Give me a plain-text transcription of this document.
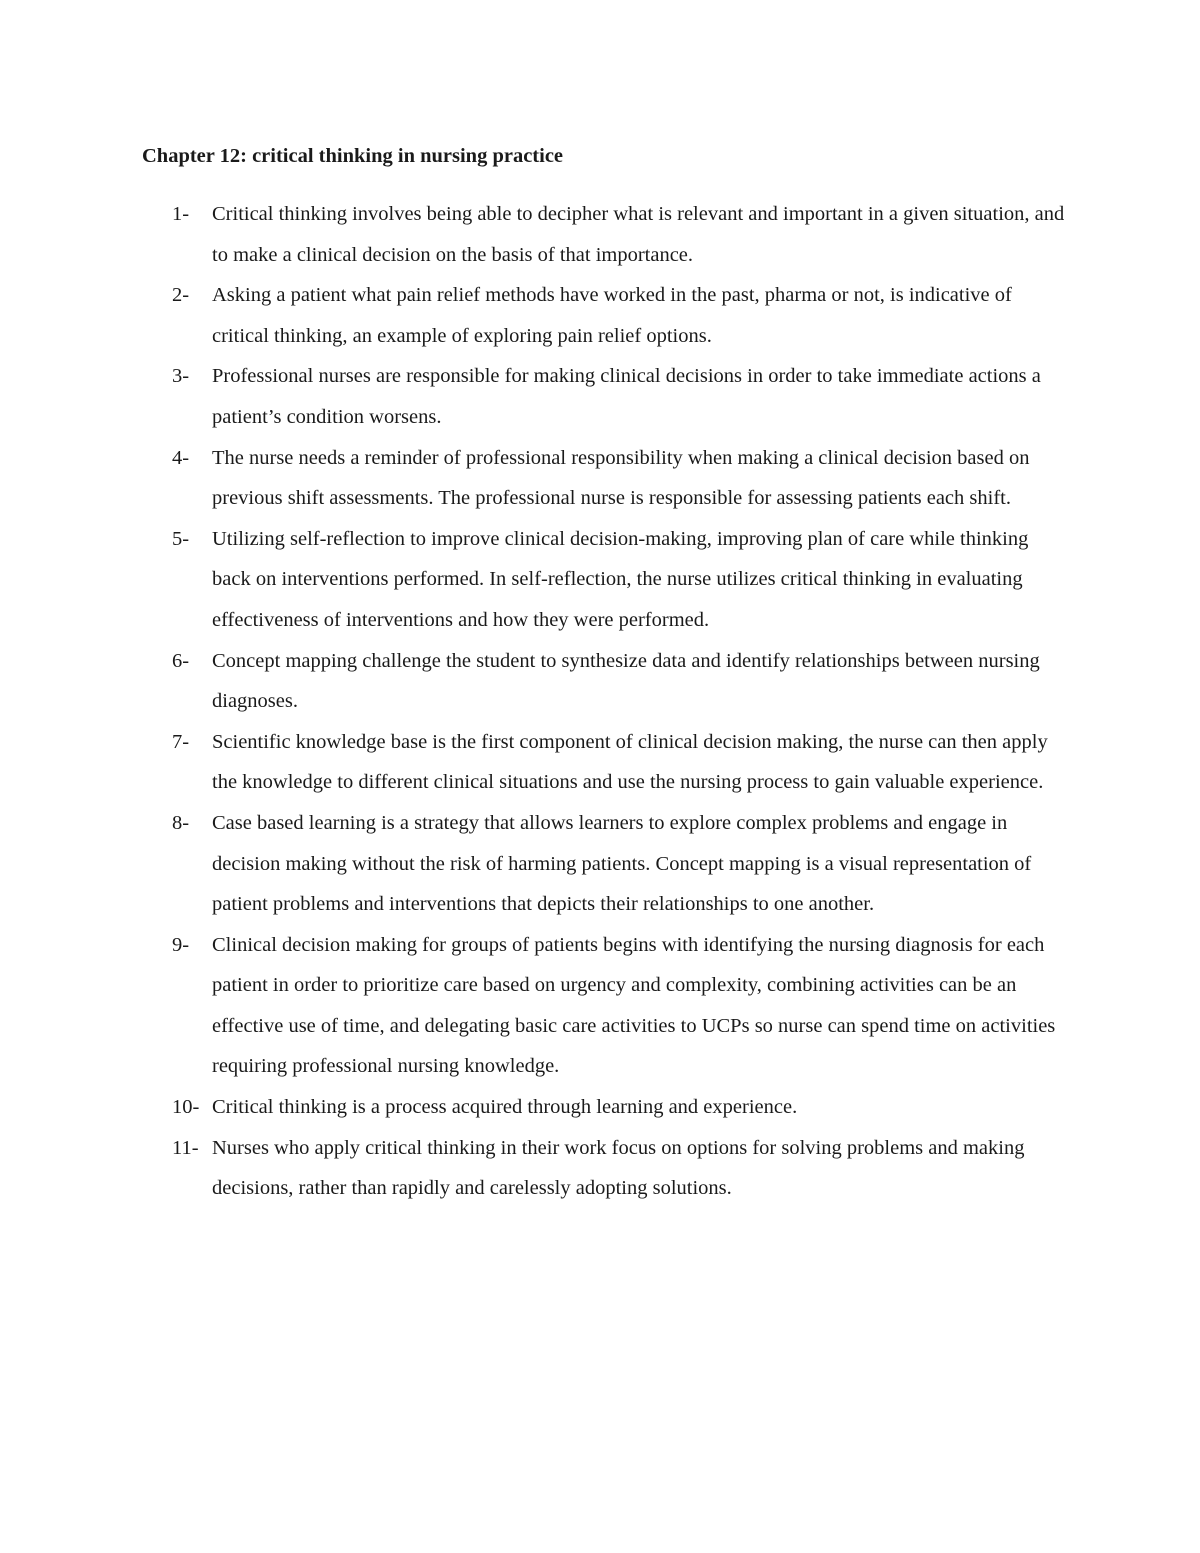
Chapter 12: critical thinking in nursing practice
1-	Critical thinking involves being able to decipher what is relevant and important in a given situation, and to make a clinical decision on the basis of that importance.
2-	Asking a patient what pain relief methods have worked in the past, pharma or not, is indicative of critical thinking, an example of exploring pain relief options.
3-	Professional nurses are responsible for making clinical decisions in order to take immediate actions a patient’s condition worsens.
4-	The nurse needs a reminder of professional responsibility when making a clinical decision based on previous shift assessments. The professional nurse is responsible for assessing patients each shift.
5-	Utilizing self-reflection to improve clinical decision-making, improving plan of care while thinking back on interventions performed. In self-reflection, the nurse utilizes critical thinking in evaluating effectiveness of interventions and how they were performed.
6-	Concept mapping challenge the student to synthesize data and identify relationships between nursing diagnoses.
7-	Scientific knowledge base is the first component of clinical decision making, the nurse can then apply the knowledge to different clinical situations and use the nursing process to gain valuable experience.
8-	Case based learning is a strategy that allows learners to explore complex problems and engage in decision making without the risk of harming patients. Concept mapping is a visual representation of patient problems and interventions that depicts their relationships to one another.
9-	Clinical decision making for groups of patients begins with identifying the nursing diagnosis for each patient in order to prioritize care based on urgency and complexity, combining activities can be an effective use of time, and delegating basic care activities to UCPs so nurse can spend time on activities requiring professional nursing knowledge.
10- Critical thinking is a process acquired through learning and experience.
11- Nurses who apply critical thinking in their work focus on options for solving problems and making decisions, rather than rapidly and carelessly adopting solutions.
